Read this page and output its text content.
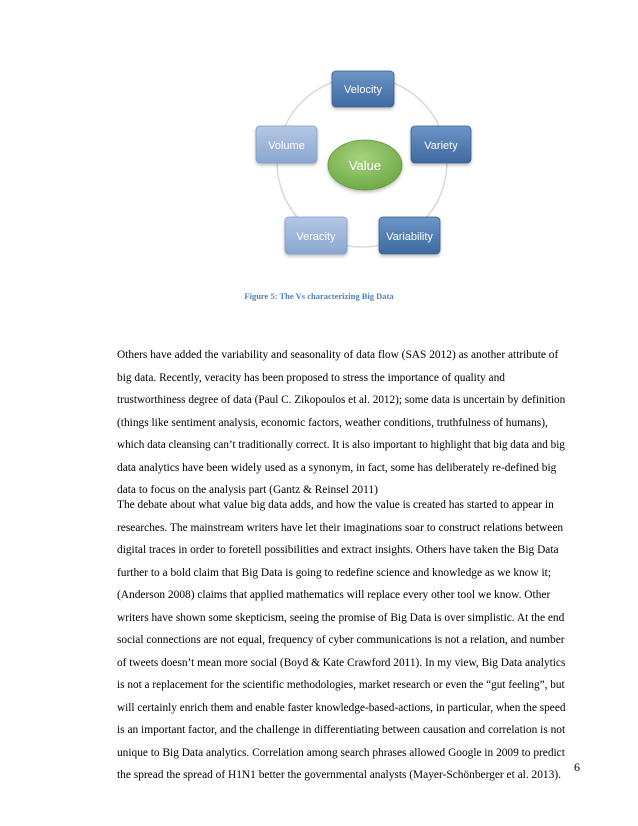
Velocity
Variety
Variability
Veracity
Volume
Value
Figure 5: The Vs characterizing Big Data
Others have added the variability and seasonality of data flow (SAS 2012) as another attribute of
big data. Recently, veracity has been proposed to stress the importance of quality and
trustworthiness degree of data (Paul C. Zikopoulos et al. 2012); some data is uncertain by definition
(things like sentiment analysis, economic factors, weather conditions, truthfulness of humans),
which data cleansing can’t traditionally correct. It is also important to highlight that big data and big
data analytics have been widely used as a synonym, in fact, some has deliberately re-defined big
data to focus on the analysis part (Gantz & Reinsel 2011)
The debate about what value big data adds, and how the value is created has started to appear in
researches. The mainstream writers have let their imaginations soar to construct relations between
digital traces in order to foretell possibilities and extract insights. Others have taken the Big Data
further to a bold claim that Big Data is going to redefine science and knowledge as we know it;
(Anderson 2008) claims that applied mathematics will replace every other tool we know. Other
writers have shown some skepticism, seeing the promise of Big Data is over simplistic. At the end
social connections are not equal, frequency of cyber communications is not a relation, and number
of tweets doesn’t mean more social (Boyd & Kate Crawford 2011). In my view, Big Data analytics
is not a replacement for the scientific methodologies, market research or even the “gut feeling”, but
will certainly enrich them and enable faster knowledge-based-actions, in particular, when the speed
is an important factor, and the challenge in differentiating between causation and correlation is not
unique to Big Data analytics. Correlation among search phrases allowed Google in 2009 to predict
the spread the spread of H1N1 better the governmental analysts (Mayer-Schönberger et al. 2013).
6
